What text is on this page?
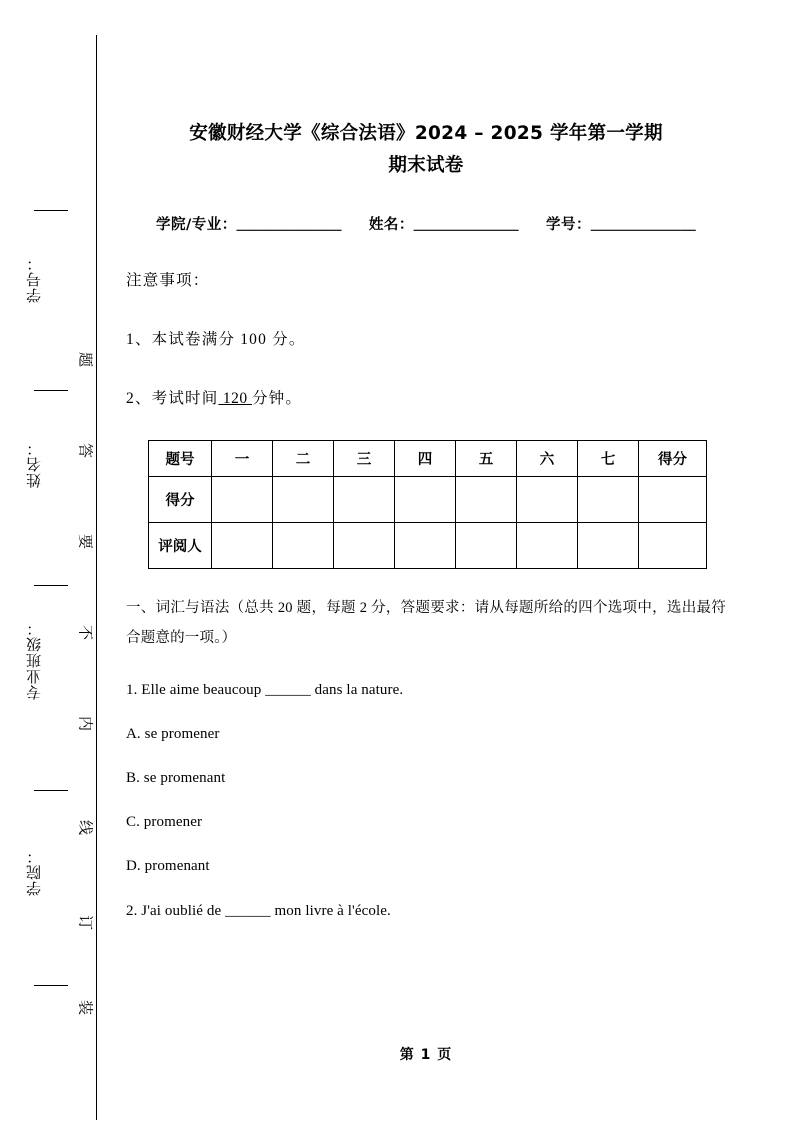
学号：
姓名：
专业班级：
学院：
题
答
要
不
内
线
订
装
安徽财经大学《综合法语》2024 – 2025 学年第一学期
期末试卷
学院/专业：＿＿＿＿＿＿＿ 姓名：＿＿＿＿＿＿＿ 学号：＿＿＿＿＿＿＿
注意事项：
1、本试卷满分 100 分。
2、考试时间 120 分钟。
题号	一	二	三	四	五	六	七	得分
得分								
评阅人								
一、词汇与语法（总共 20 题，每题 2 分，答题要求：请从每题所给的四个选项中，选出最符合题意的一项。）
1. Elle aime beaucoup ______ dans la nature.
A. se promener
B. se promenant
C. promener
D. promenant
2. J'ai oublié de ______ mon livre à l'école.
第 1 页
